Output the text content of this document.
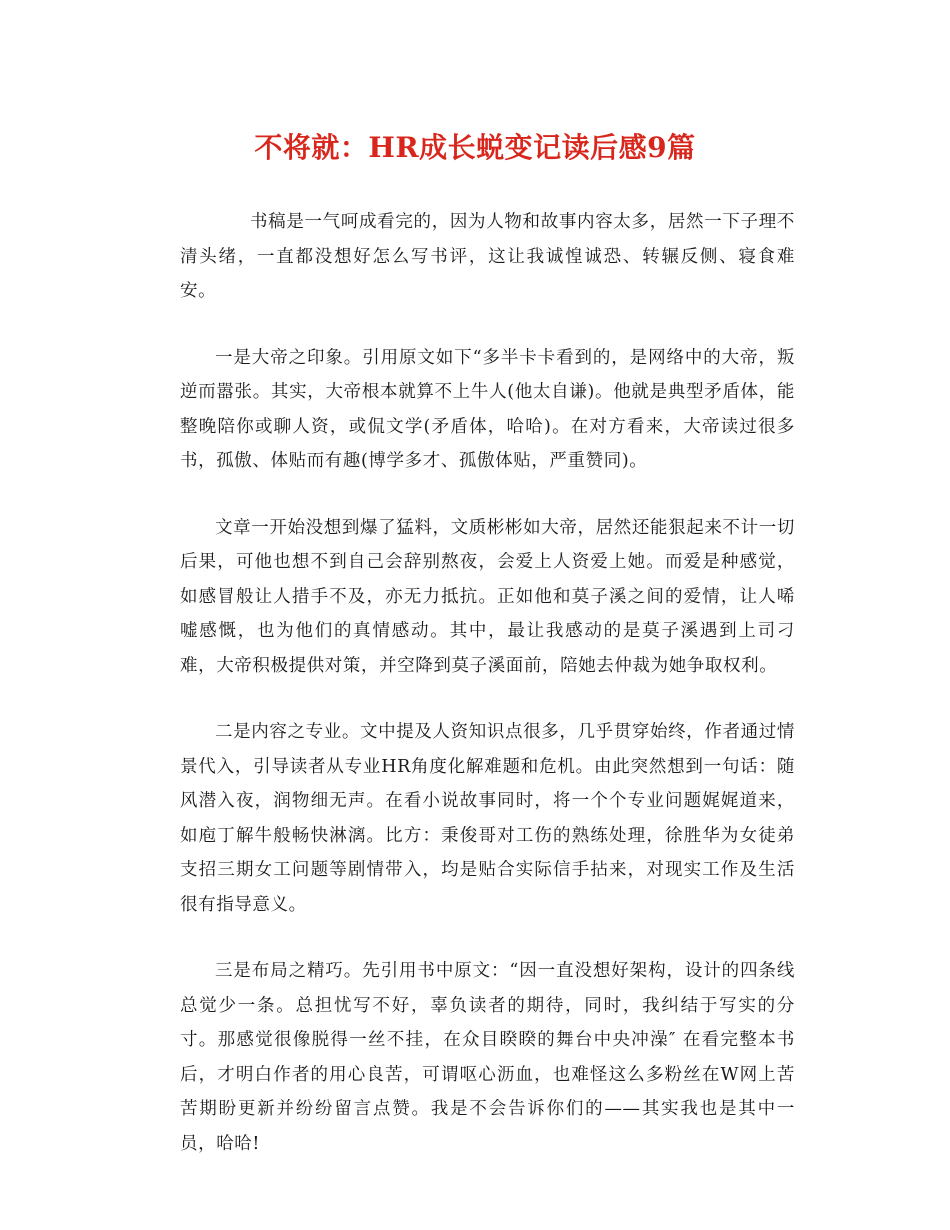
不将就：HR成长蜕变记读后感9篇

书稿是一气呵成看完的，因为人物和故事内容太多，居然一下子理不清头绪，一直都没想好怎么写书评，这让我诚惶诚恐、转辗反侧、寝食难安。

一是大帝之印象。引用原文如下“多半卡卡看到的，是网络中的大帝，叛逆而嚣张。其实，大帝根本就算不上牛人(他太自谦)。他就是典型矛盾体，能整晚陪你或聊人资，或侃文学(矛盾体，哈哈)。在对方看来，大帝读过很多书，孤傲、体贴而有趣(博学多才、孤傲体贴，严重赞同)。

文章一开始没想到爆了猛料，文质彬彬如大帝，居然还能狠起来不计一切后果，可他也想不到自己会辞别熬夜，会爱上人资爱上她。而爱是种感觉，如感冒般让人措手不及，亦无力抵抗。正如他和莫子溪之间的爱情，让人唏嘘感慨，也为他们的真情感动。其中，最让我感动的是莫子溪遇到上司刁难，大帝积极提供对策，并空降到莫子溪面前，陪她去仲裁为她争取权利。

二是内容之专业。文中提及人资知识点很多，几乎贯穿始终，作者通过情景代入，引导读者从专业HR角度化解难题和危机。由此突然想到一句话：随风潜入夜，润物细无声。在看小说故事同时，将一个个专业问题娓娓道来，如庖丁解牛般畅快淋漓。比方：秉俊哥对工伤的熟练处理，徐胜华为女徒弟支招三期女工问题等剧情带入，均是贴合实际信手拈来，对现实工作及生活很有指导意义。

三是布局之精巧。先引用书中原文：“因一直没想好架构，设计的四条线总觉少一条。总担忧写不好，辜负读者的期待，同时，我纠结于写实的分寸。那感觉很像脱得一丝不挂，在众目睽睽的舞台中央冲澡″ 在看完整本书后，才明白作者的用心良苦，可谓呕心沥血，也难怪这么多粉丝在W网上苦苦期盼更新并纷纷留言点赞。我是不会告诉你们的——其实我也是其中一员，哈哈!
